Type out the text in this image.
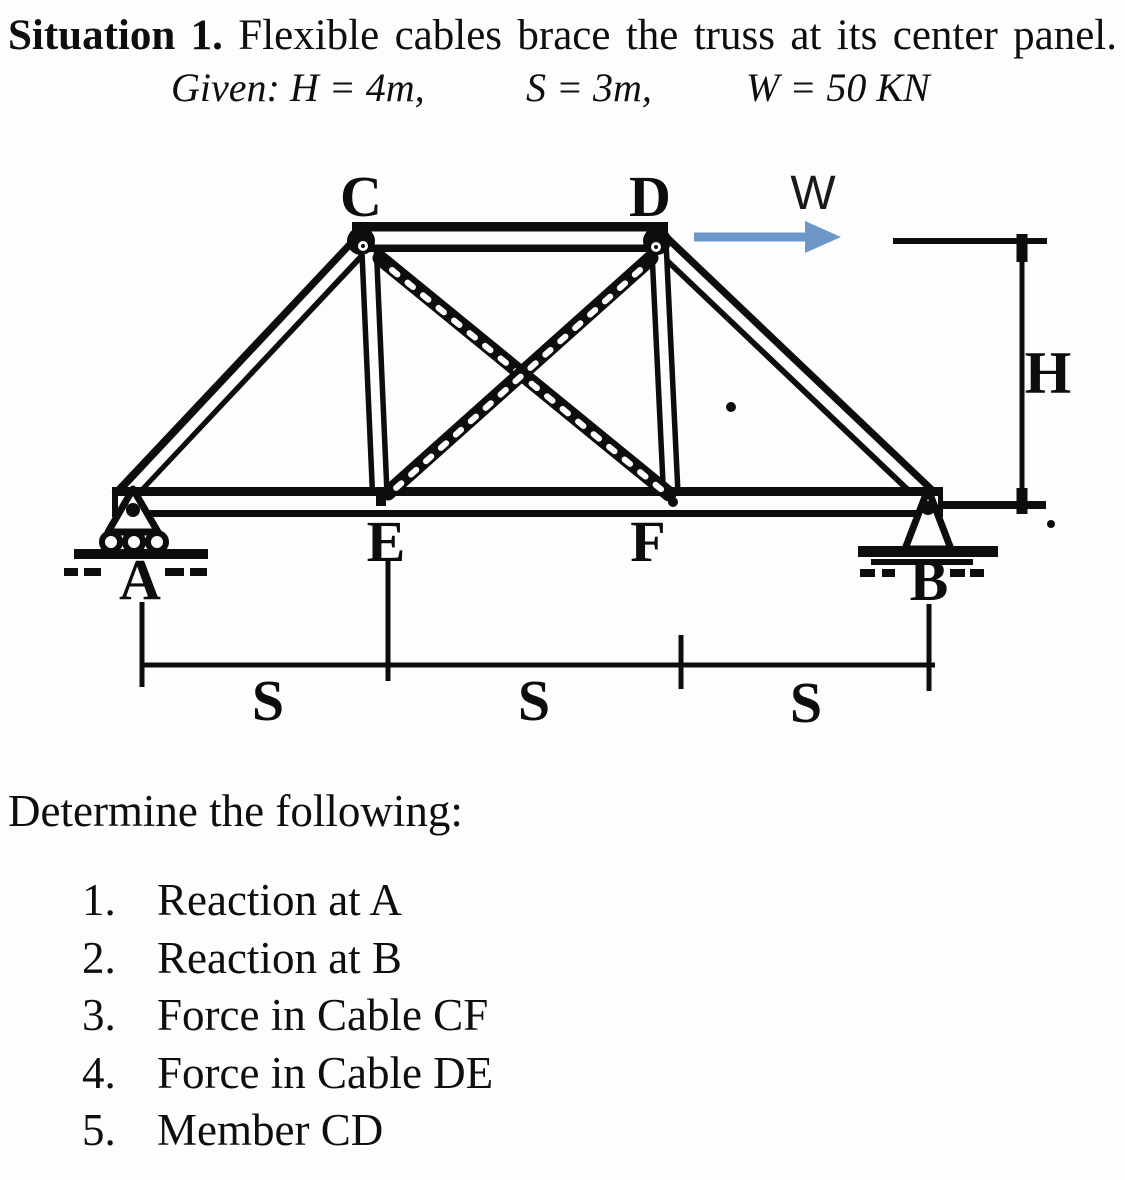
Situation 1. Flexible cables brace the truss at its center panel.

Given: H = 4m,	S = 3m, W = 50 KN
A	B
W
H
S	S	S
C	D
E	F

Determine the following:

1. Reaction at A
2. Reaction at B
3. Force in Cable CF
4. Force in Cable DE
5. Member CD
